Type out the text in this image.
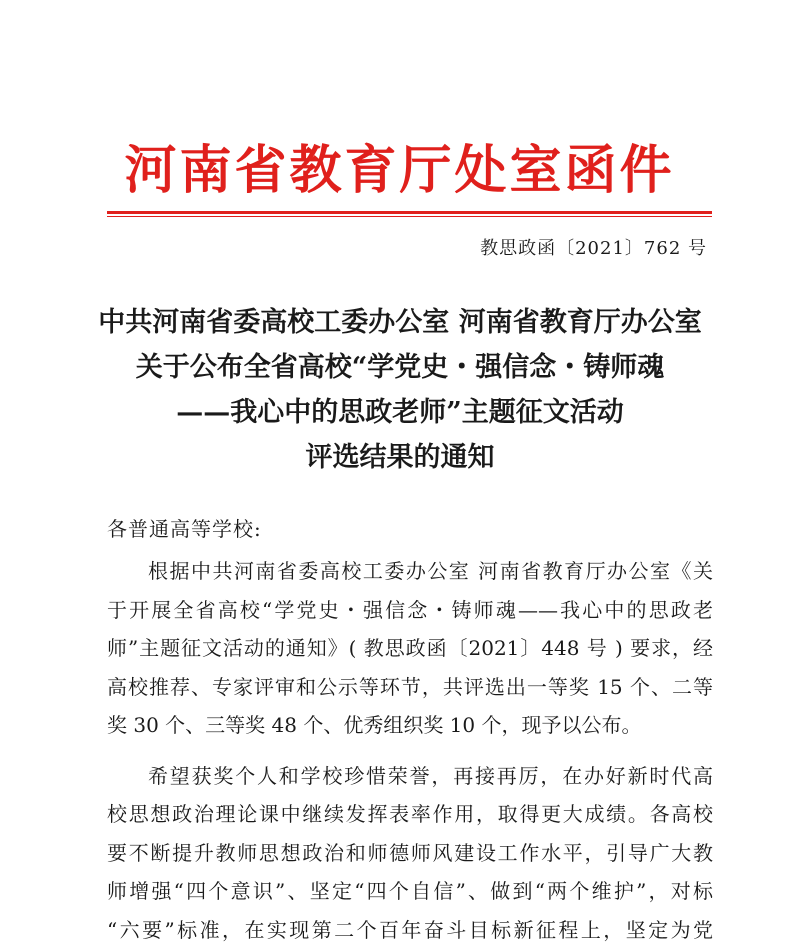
河南省教育厅处室函件
教思政函〔2021〕762 号
中共河南省委高校工委办公室 河南省教育厅办公室
关于公布全省高校“学党史・强信念・铸师魂
——我心中的思政老师”主题征文活动
评选结果的通知
各普通高等学校:
根据中共河南省委高校工委办公室 河南省教育厅办公室《关
于开展全省高校“学党史・强信念・铸师魂——我心中的思政老
师”主题征文活动的通知》( 教思政函〔2021〕448 号 ) 要求，经
高校推荐、专家评审和公示等环节，共评选出一等奖 15 个、二等
奖 30 个、三等奖 48 个、优秀组织奖 10 个，现予以公布。
希望获奖个人和学校珍惜荣誉，再接再厉，在办好新时代高
校思想政治理论课中继续发挥表率作用，取得更大成绩。各高校
要不断提升教师思想政治和师德师风建设工作水平，引导广大教
师增强“四个意识”、坚定“四个自信”、做到“两个维护”，对标
“六要”标准，在实现第二个百年奋斗目标新征程上，坚定为党
